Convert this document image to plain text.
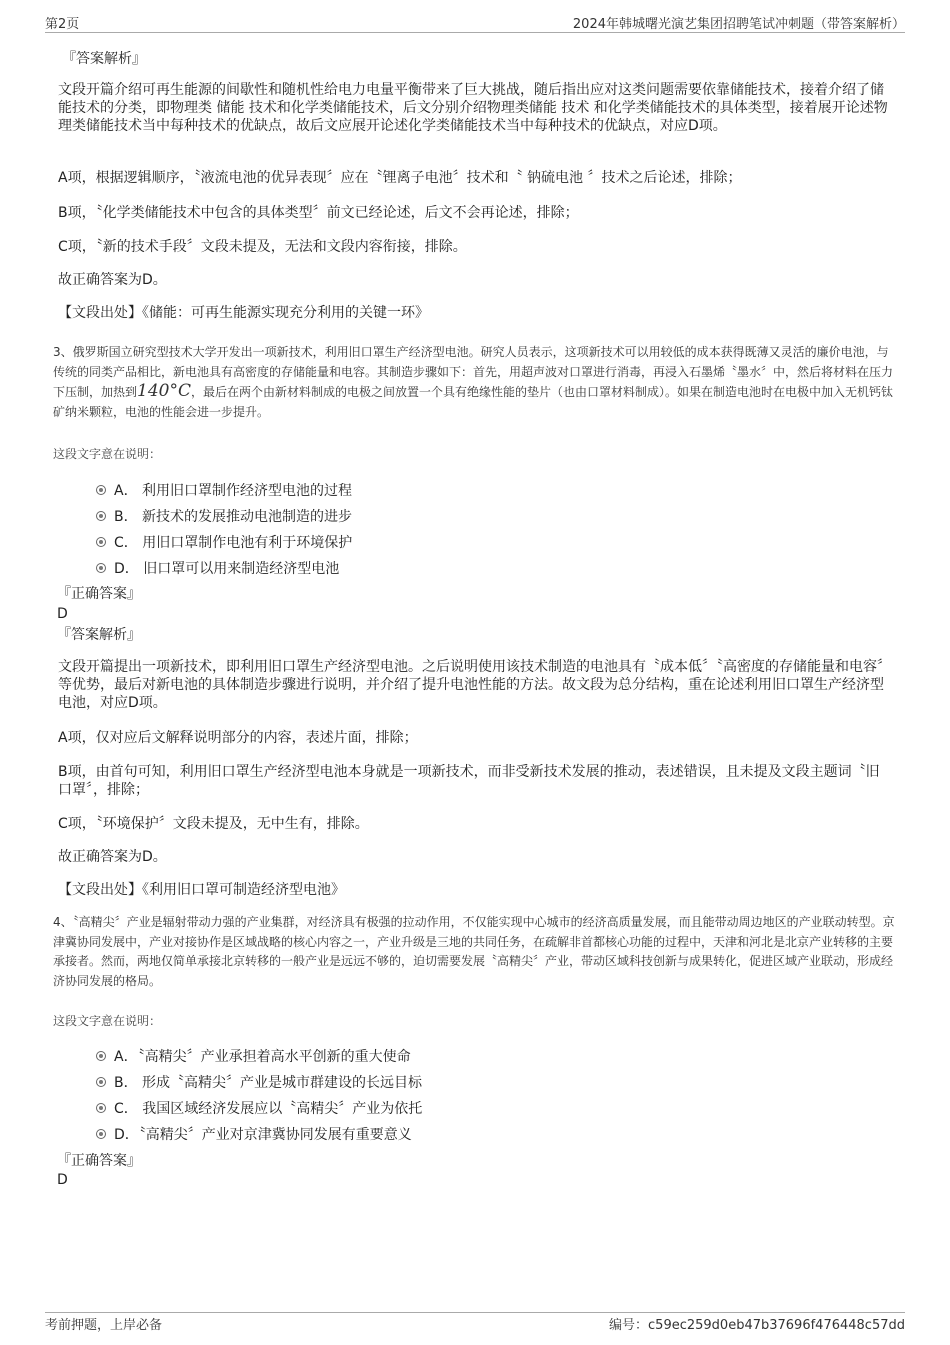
第2页	2024年韩城曙光演艺集团招聘笔试冲刺题（带答案解析）
『答案解析』

文段开篇介绍可再生能源的间歇性和随机性给电力电量平衡带来了巨大挑战，随后指出应对这类问题需要依靠储能技术，接着介绍了储能技术的分类，即物理类 储能 技术和化学类储能技术，后文分别介绍物理类储能 技术 和化学类储能技术的具体类型，接着展开论述物理类储能技术当中每种技术的优缺点，故后文应展开论述化学类储能技术当中每种技术的优缺点，对应D项。

A项，根据逻辑顺序，〝液流电池的优异表现〞应在〝锂离子电池〞技术和〝 钠硫电池 〞技术之后论述，排除；

B项，〝化学类储能技术中包含的具体类型〞前文已经论述，后文不会再论述，排除；

C项，〝新的技术手段〞文段未提及，无法和文段内容衔接，排除。

故正确答案为D。

【文段出处】《储能：可再生能源实现充分利用的关键一环》

3、俄罗斯国立研究型技术大学开发出一项新技术，利用旧口罩生产经济型电池。研究人员表示，这项新技术可以用较低的成本获得既薄又灵活的廉价电池，与传统的同类产品相比，新电池具有高密度的存储能量和电容。其制造步骤如下：首先，用超声波对口罩进行消毒，再浸入石墨烯〝墨水〞中，然后将材料在压力下压制，加热到140°C，最后在两个由新材料制成的电极之间放置一个具有绝缘性能的垫片（也由口罩材料制成）。如果在制造电池时在电极中加入无机钙钛矿纳米颗粒，电池的性能会进一步提升。

这段文字意在说明：
A． 利用旧口罩制作经济型电池的过程
B． 新技术的发展推动电池制造的进步
C． 用旧口罩制作电池有利于环境保护
D． 旧口罩可以用来制造经济型电池
『正确答案』
D
『答案解析』

文段开篇提出一项新技术，即利用旧口罩生产经济型电池。之后说明使用该技术制造的电池具有〝成本低〞〝高密度的存储能量和电容〞等优势，最后对新电池的具体制造步骤进行说明，并介绍了提升电池性能的方法。故文段为总分结构，重在论述利用旧口罩生产经济型电池，对应D项。

A项，仅对应后文解释说明部分的内容，表述片面，排除；

B项，由首句可知，利用旧口罩生产经济型电池本身就是一项新技术，而非受新技术发展的推动，表述错误，且未提及文段主题词〝旧口罩〞，排除；

C项，〝环境保护〞文段未提及，无中生有，排除。

故正确答案为D。

【文段出处】《利用旧口罩可制造经济型电池》

4、〝高精尖〞产业是辐射带动力强的产业集群，对经济具有极强的拉动作用，不仅能实现中心城市的经济高质量发展，而且能带动周边地区的产业联动转型。京津冀协同发展中，产业对接协作是区域战略的核心内容之一，产业升级是三地的共同任务，在疏解非首都核心功能的过程中，天津和河北是北京产业转移的主要承接者。然而，两地仅简单承接北京转移的一般产业是远远不够的，迫切需要发展〝高精尖〞产业，带动区域科技创新与成果转化，促进区域产业联动，形成经济协同发展的格局。

这段文字意在说明：
A．〝高精尖〞产业承担着高水平创新的重大使命
B． 形成〝高精尖〞产业是城市群建设的长远目标
C． 我国区域经济发展应以〝高精尖〞产业为依托
D．〝高精尖〞产业对京津冀协同发展有重要意义
『正确答案』
D
考前押题，上岸必备	编号：c59ec259d0eb47b37696f476448c57dd
